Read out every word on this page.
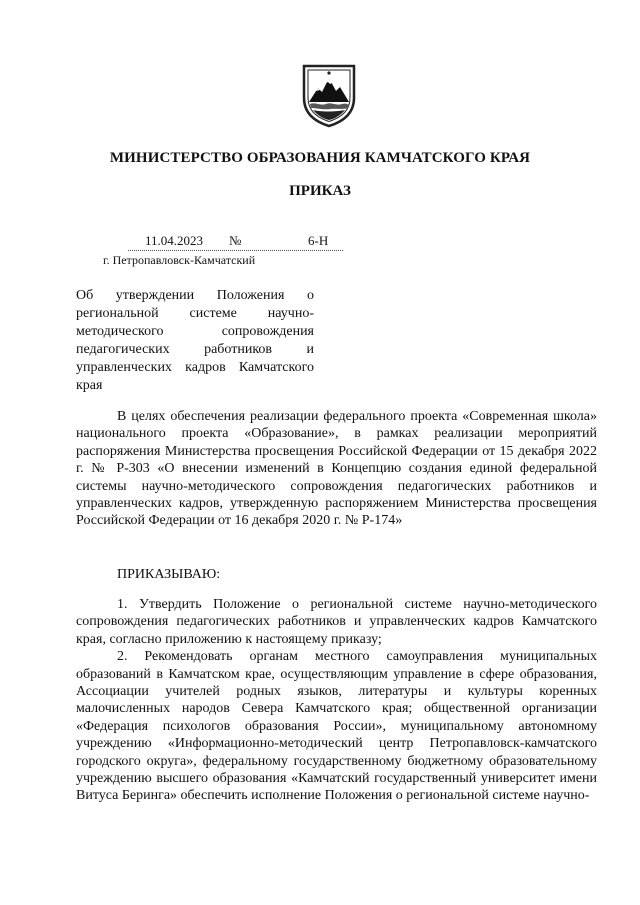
МИНИСТЕРСТВО ОБРАЗОВАНИЯ КАМЧАТСКОГО КРАЯ
ПРИКАЗ
11.04.2023 №	6-Н
г. Петропавловск-Камчатский
Об утверждении Положения о региональной системе научно-методического сопровождения педагогических работников и управленческих кадров Камчатского края

В целях обеспечения реализации федерального проекта «Современная школа» национального проекта «Образование», в рамках реализации мероприятий распоряжения Министерства просвещения Российской Федерации от 15 декабря 2022 г. № Р-303 «О внесении изменений в Концепцию создания единой федеральной системы научно-методического сопровождения педагогических работников и управленческих кадров, утвержденную распоряжением Министерства просвещения Российской Федерации от 16 декабря 2020 г. № Р-174»

ПРИКАЗЫВАЮ:

1. Утвердить Положение о региональной системе научно-методического сопровождения педагогических работников и управленческих кадров Камчатского края, согласно приложению к настоящему приказу;

2. Рекомендовать органам местного самоуправления муниципальных образований в Камчатском крае, осуществляющим управление в сфере образования, Ассоциации учителей родных языков, литературы и культуры коренных малочисленных народов Севера Камчатского края; общественной организации «Федерация психологов образования России», муниципальному автономному учреждению «Информационно-методический центр Петропавловск-камчатского городского округа», федеральному государственному бюджетному образовательному учреждению высшего образования «Камчатский государственный университет имени Витуса Беринга» обеспечить исполнение Положения о региональной системе научно-
